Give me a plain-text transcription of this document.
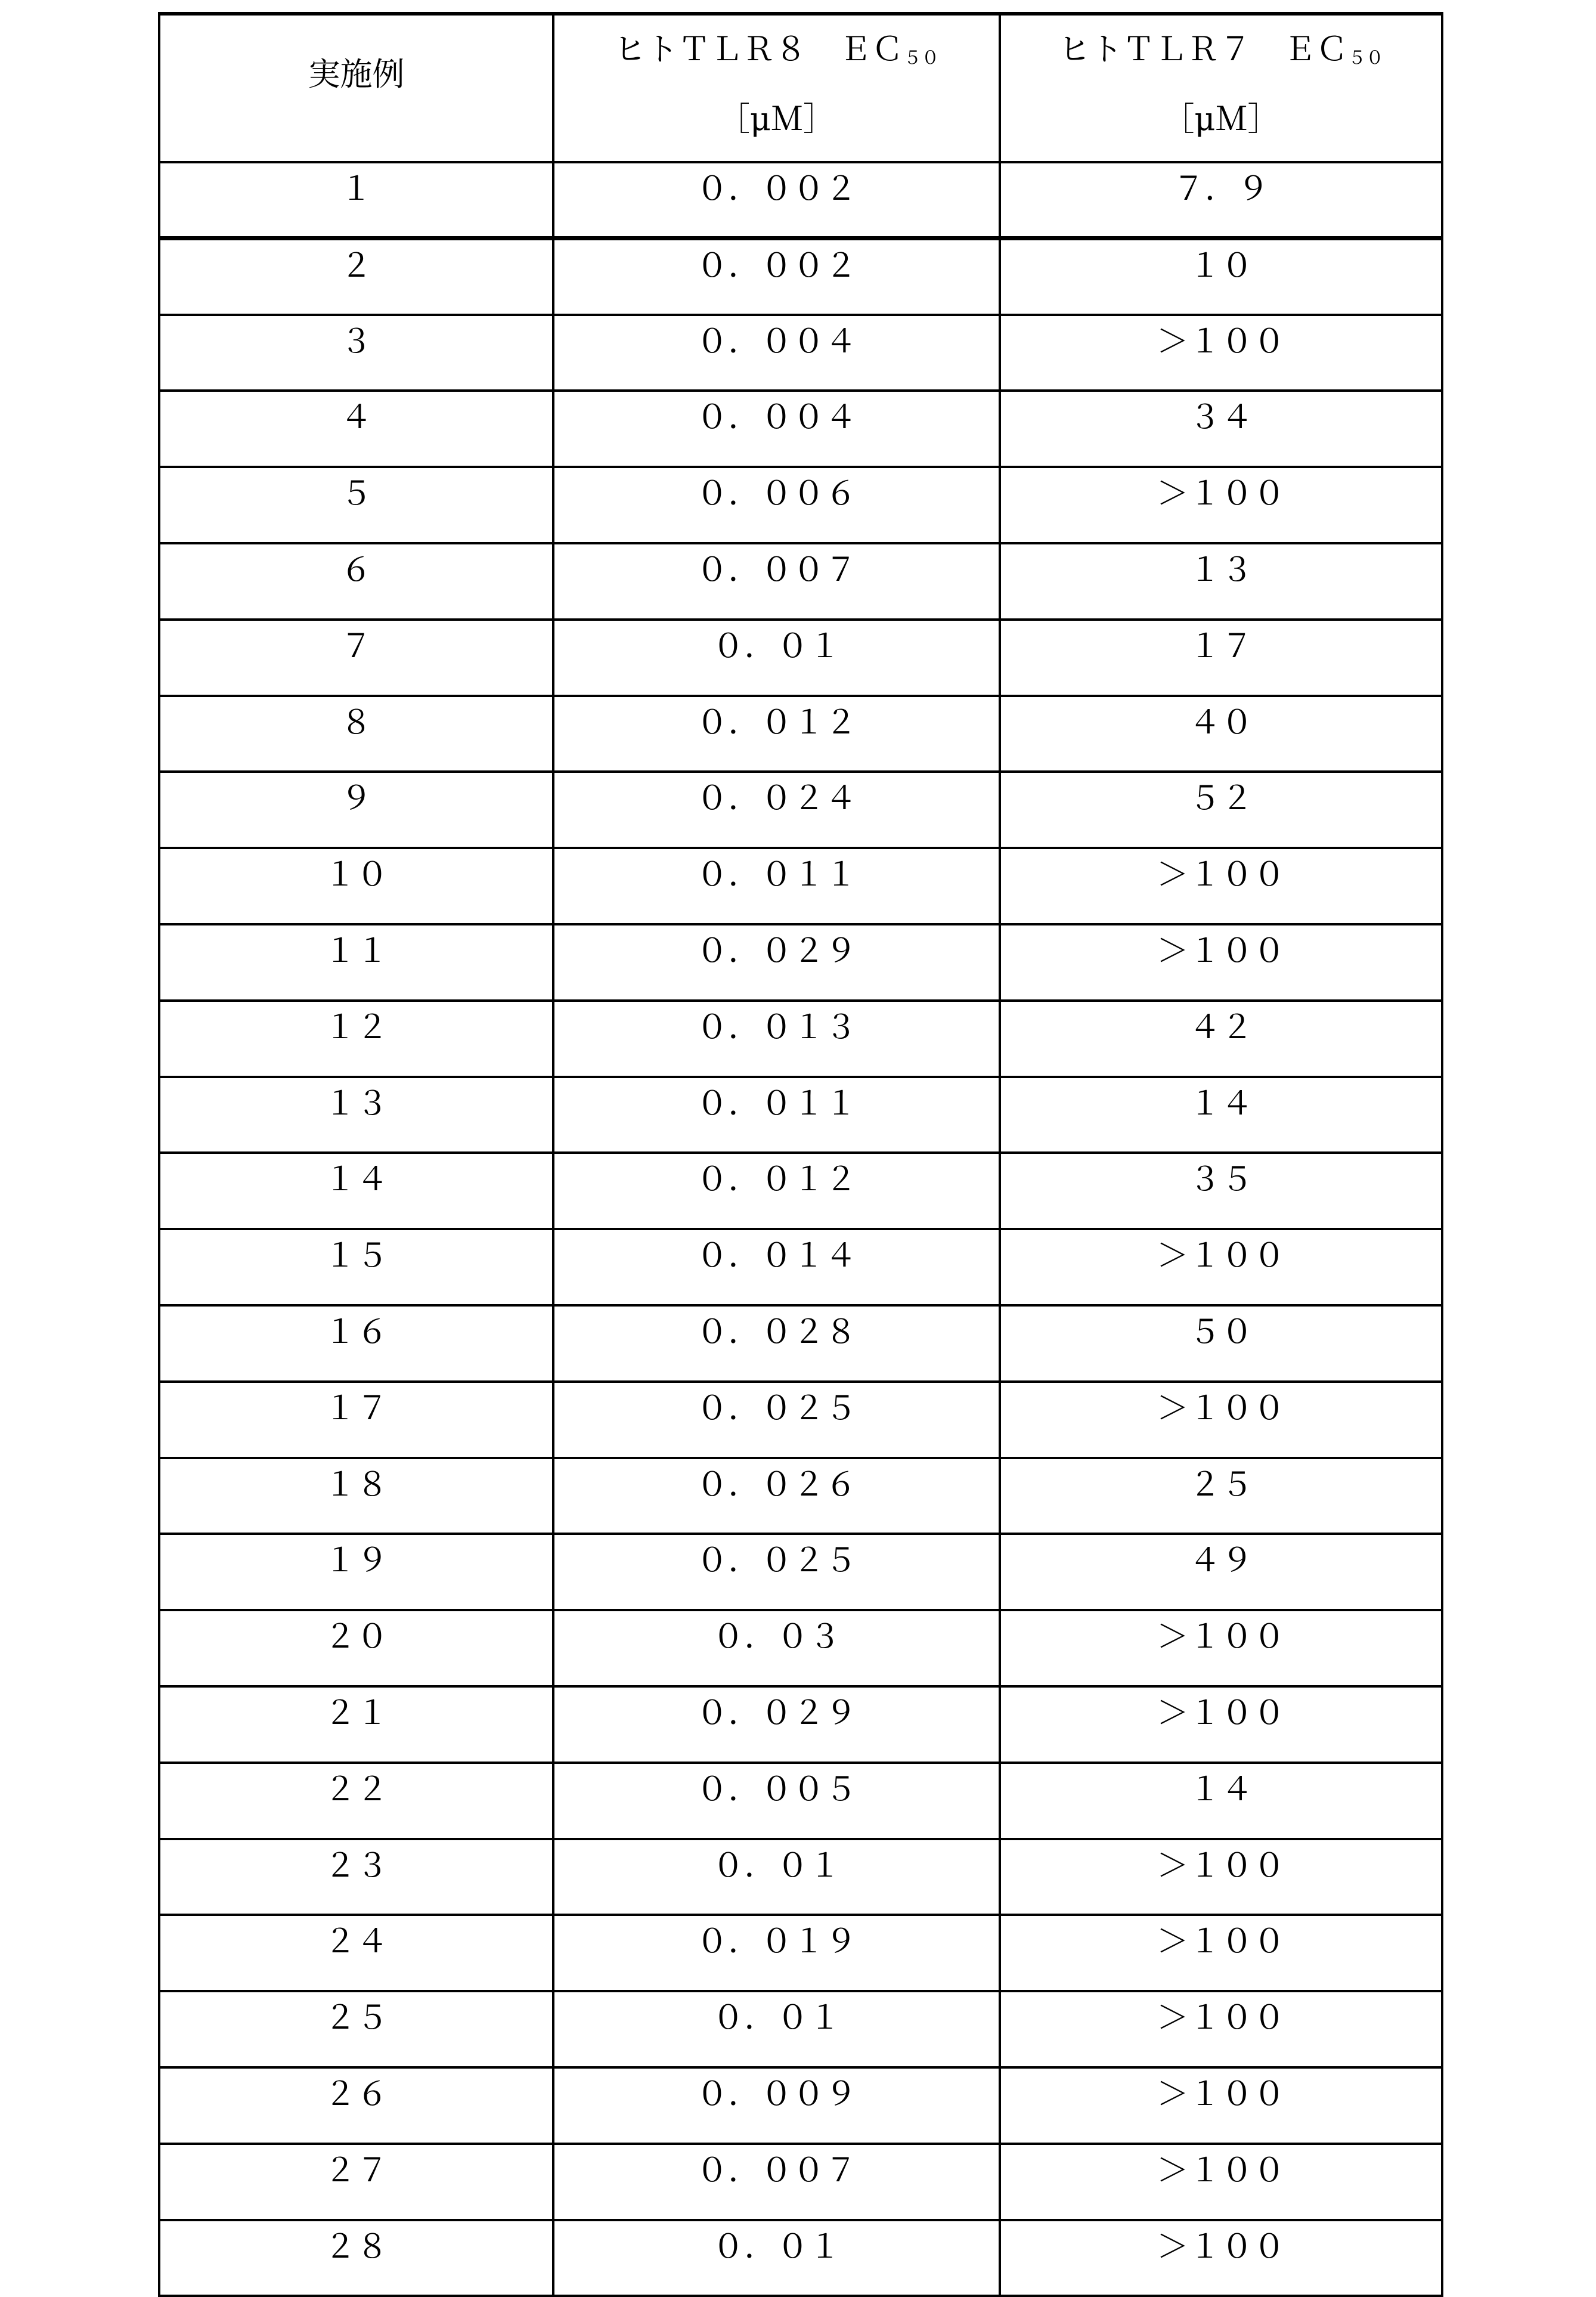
実施例	
ヒトＴＬＲ８　ＥＣ５０
［μＭ］

ヒトＴＬＲ７　ＥＣ５０
［μＭ］

１	０．００２	７．９
２	０．００２	１０
３	０．００４	＞１００
４	０．００４	３４
５	０．００６	＞１００
６	０．００７	１３
７	０．０１	１７
８	０．０１２	４０
９	０．０２４	５２
１０	０．０１１	＞１００
１１	０．０２９	＞１００
１２	０．０１３	４２
１３	０．０１１	１４
１４	０．０１２	３５
１５	０．０１４	＞１００
１６	０．０２８	５０
１７	０．０２５	＞１００
１８	０．０２６	２５
１９	０．０２５	４９
２０	０．０３	＞１００
２１	０．０２９	＞１００
２２	０．００５	１４
２３	０．０１	＞１００
２４	０．０１９	＞１００
２５	０．０１	＞１００
２６	０．００９	＞１００
２７	０．００７	＞１００
２８	０．０１	＞１００
